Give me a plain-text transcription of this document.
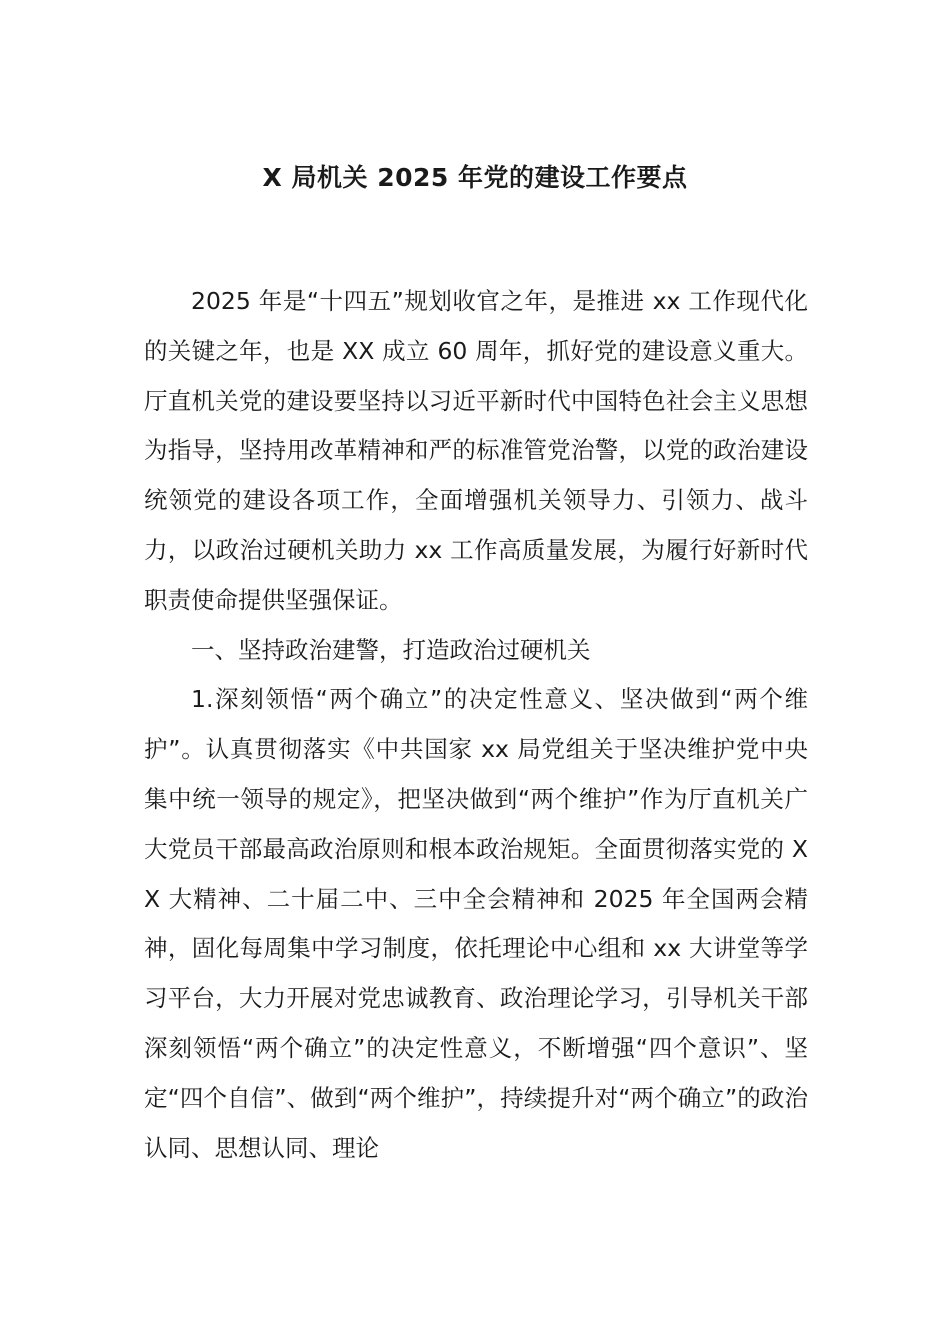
X 局机关 2025 年党的建设工作要点

2025 年是“十四五”规划收官之年，是推进 xx 工作现代化的关键之年，也是 XX 成立 60 周年，抓好党的建设意义重大。厅直机关党的建设要坚持以习近平新时代中国特色社会主义思想为指导，坚持用改革精神和严的标准管党治警，以党的政治建设统领党的建设各项工作，全面增强机关领导力、引领力、战斗力，以政治过硬机关助力 xx 工作高质量发展，为履行好新时代职责使命提供坚强保证。

一、坚持政治建警，打造政治过硬机关

1.深刻领悟“两个确立”的决定性意义、坚决做到“两个维护”。认真贯彻落实《中共国家 xx 局党组关于坚决维护党中央集中统一领导的规定》，把坚决做到“两个维护”作为厅直机关广大党员干部最高政治原则和根本政治规矩。全面贯彻落实党的 XX 大精神、二十届二中、三中全会精神和 2025 年全国两会精神，固化每周集中学习制度，依托理论中心组和 xx 大讲堂等学习平台，大力开展对党忠诚教育、政治理论学习，引导机关干部深刻领悟“两个确立”的决定性意义，不断增强“四个意识”、坚定“四个自信”、做到“两个维护”，持续提升对“两个确立”的政治认同、思想认同、理论
